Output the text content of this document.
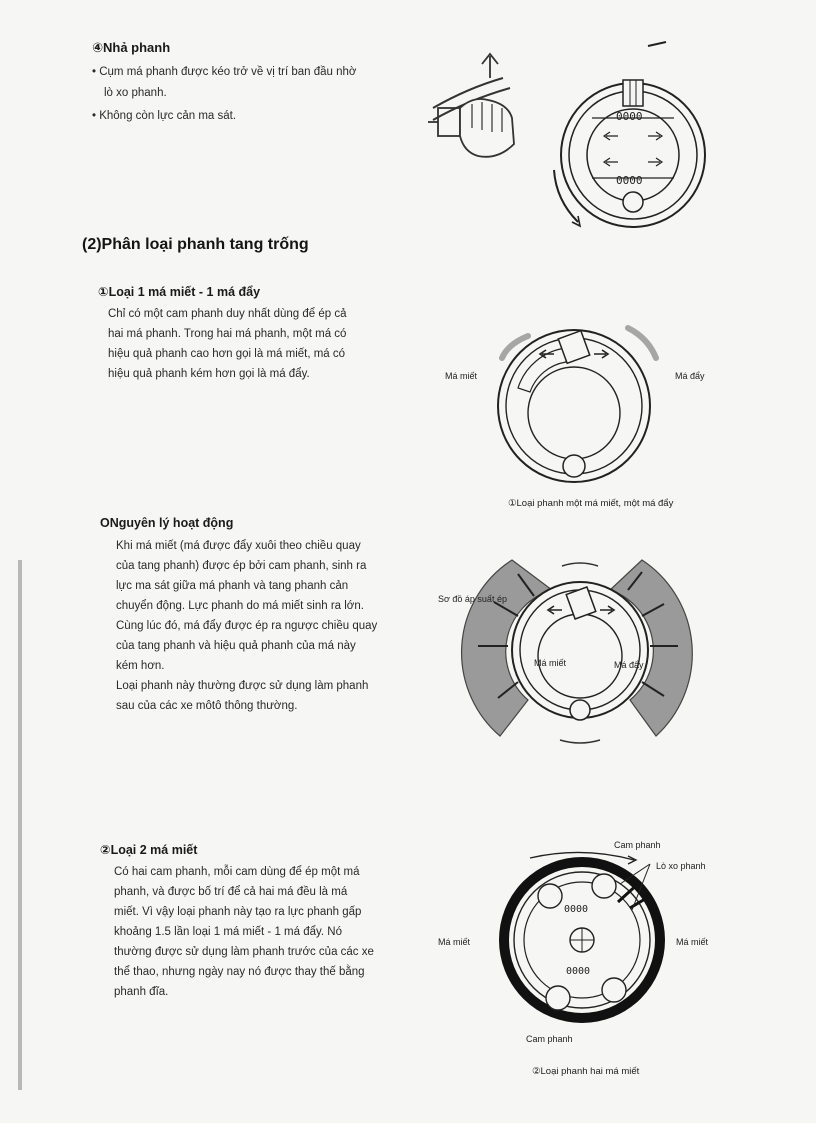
④Nhả phanh
• Cụm má phanh được kéo trở về vị trí ban đầu nhờ
lò xo phanh.
• Không còn lực cản ma sát.	0000
0000
(2)Phân loại phanh tang trống
①Loại 1 má miết - 1 má đẩy
Chỉ có một cam phanh duy nhất dùng để ép cả
hai má phanh. Trong hai má phanh, một má có
hiệu quả phanh cao hơn gọi là má miết, má có
hiệu quả phanh kém hơn gọi là má đẩy.	Má miết	Má đẩy
①Loại phanh một má miết, một má đẩy
ONguyên lý hoạt động
Khi má miết (má được đẩy xuôi theo chiều quay
của tang phanh) được ép bởi cam phanh, sinh ra
lực ma sát giữa má phanh và tang phanh cản
chuyển động. Lực phanh do má miết sinh ra lớn.
Cùng lúc đó, má đẩy được ép ra ngược chiều quay
của tang phanh và hiệu quả phanh của má này
kém hơn.
Loại phanh này thường được sử dụng làm phanh
sau của các xe môtô thông thường.
Sơ đồ áp suất ép
Má miết	Má đẩy
②Loại 2 má miết
Có hai cam phanh, mỗi cam dùng để ép một má
phanh, và được bố trí để cả hai má đều là má
miết. Vì vậy loại phanh này tạo ra lực phanh gấp
khoảng 1.5 lần loại 1 má miết - 1 má đẩy. Nó
thường được sử dụng làm phanh trước của các xe
thể thao, nhưng ngày nay nó được thay thế bằng
phanh đĩa.
0000
0000
Cam phanh
Lò xo phanh
Má miết	Má miết
Cam phanh
②Loại phanh hai má miết
